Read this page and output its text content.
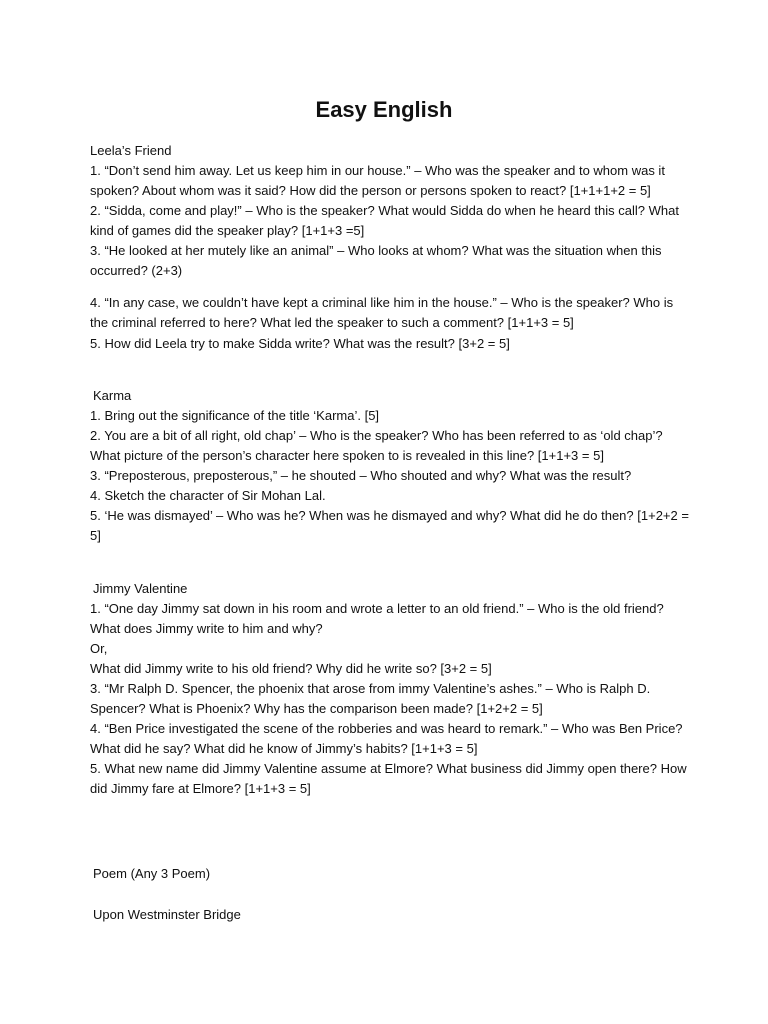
Easy English
Leela’s Friend
1. “Don’t send him away. Let us keep him in our house.” – Who was the speaker and to whom was it
spoken? About whom was it said? How did the person or persons spoken to react? [1+1+1+2 = 5]
2. “Sidda, come and play!” – Who is the speaker? What would Sidda do when he heard this call? What
kind of games did the speaker play? [1+1+3 =5]
3. “He looked at her mutely like an animal” – Who looks at whom? What was the situation when this
occurred? (2+3)
4. “In any case, we couldn’t have kept a criminal like him in the house.” – Who is the speaker? Who is
the criminal referred to here? What led the speaker to such a comment? [1+1+3 = 5]
5. How did Leela try to make Sidda write? What was the result? [3+2 = 5]
Karma
1. Bring out the significance of the title ‘Karma’. [5]
2. You are a bit of all right, old chap’ – Who is the speaker? Who has been referred to as ‘old chap’?
What picture of the person’s character here spoken to is revealed in this line? [1+1+3 = 5]
3. “Preposterous, preposterous,” – he shouted – Who shouted and why? What was the result?
4. Sketch the character of Sir Mohan Lal.
5. ‘He was dismayed’ – Who was he? When was he dismayed and why? What did he do then? [1+2+2 =
5]
Jimmy Valentine
1. “One day Jimmy sat down in his room and wrote a letter to an old friend.” – Who is the old friend?
What does Jimmy write to him and why?
Or,
What did Jimmy write to his old friend? Why did he write so? [3+2 = 5]
3. “Mr Ralph D. Spencer, the phoenix that arose from immy Valentine’s ashes.” – Who is Ralph D.
Spencer? What is Phoenix? Why has the comparison been made? [1+2+2 = 5]
4. “Ben Price investigated the scene of the robberies and was heard to remark.” – Who was Ben Price?
What did he say? What did he know of Jimmy’s habits? [1+1+3 = 5]
5. What new name did Jimmy Valentine assume at Elmore? What business did Jimmy open there? How
did Jimmy fare at Elmore? [1+1+3 = 5]
Poem (Any 3 Poem)
Upon Westminster Bridge
